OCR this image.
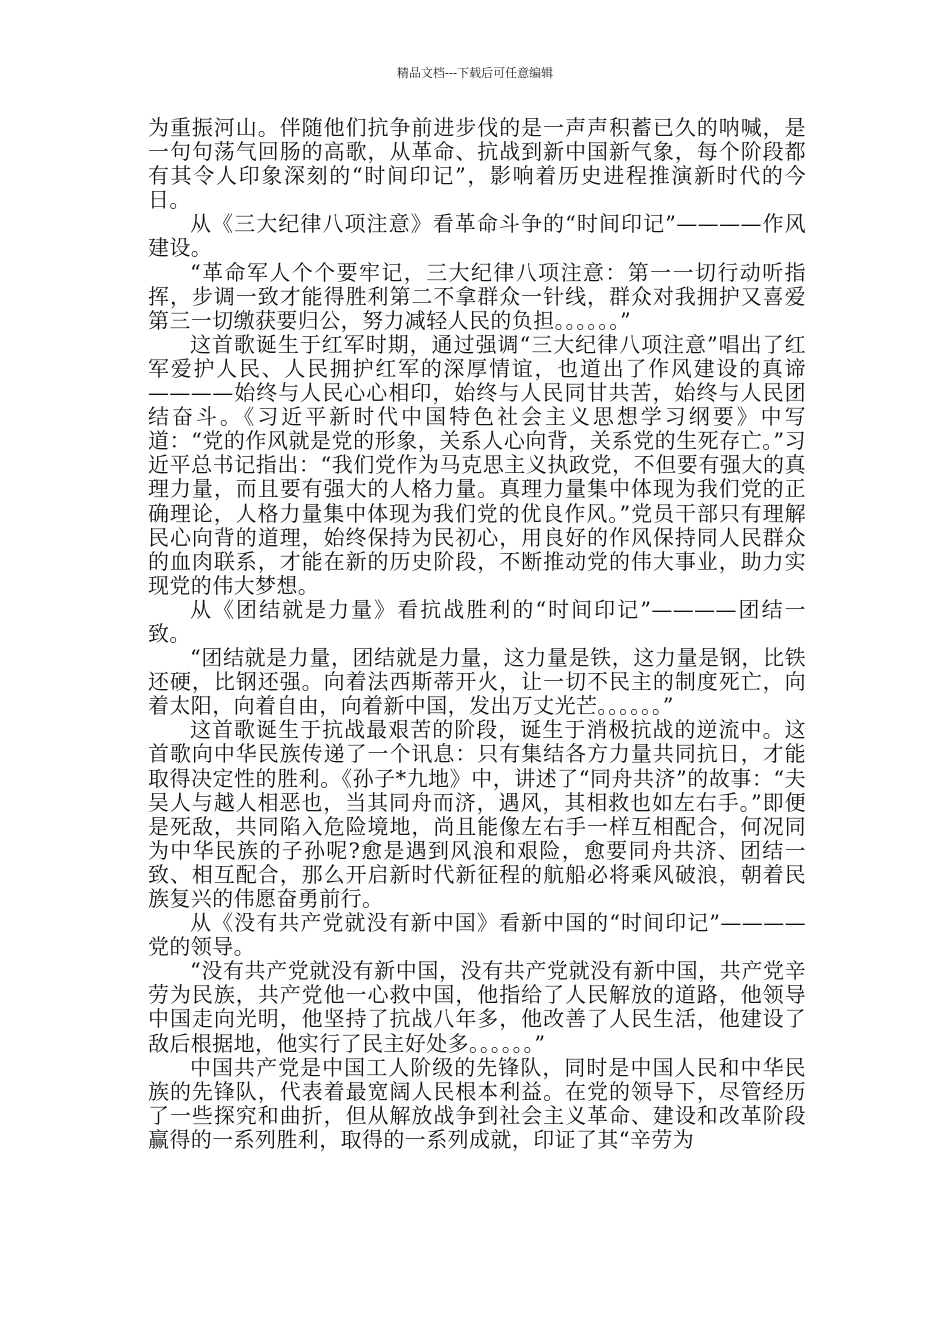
精品文档---下载后可任意编辑

为重振河山。伴随他们抗争前进步伐的是一声声积蓄已久的呐喊，是一句句荡气回肠的高歌，从革命、抗战到新中国新气象，每个阶段都有其令人印象深刻的“时间印记”，影响着历史进程推演新时代的今日。

从《三大纪律八项注意》看革命斗争的“时间印记”————作风建设。

“革命军人个个要牢记，三大纪律八项注意：第一一切行动听指挥，步调一致才能得胜利第二不拿群众一针线，群众对我拥护又喜爱第三一切缴获要归公，努力减轻人民的负担。。。。。。”

这首歌诞生于红军时期，通过强调“三大纪律八项注意”唱出了红军爱护人民、人民拥护红军的深厚情谊，也道出了作风建设的真谛————始终与人民心心相印，始终与人民同甘共苦，始终与人民团结奋斗。《习近平新时代中国特色社会主义思想学习纲要》中写道：“党的作风就是党的形象，关系人心向背，关系党的生死存亡。”习近平总书记指出：“我们党作为马克思主义执政党，不但要有强大的真理力量，而且要有强大的人格力量。真理力量集中体现为我们党的正确理论，人格力量集中体现为我们党的优良作风。”党员干部只有理解民心向背的道理，始终保持为民初心，用良好的作风保持同人民群众的血肉联系，才能在新的历史阶段，不断推动党的伟大事业，助力实现党的伟大梦想。

从《团结就是力量》看抗战胜利的“时间印记”————团结一致。

“团结就是力量，团结就是力量，这力量是铁，这力量是钢，比铁还硬，比钢还强。向着法西斯蒂开火，让一切不民主的制度死亡，向着太阳，向着自由，向着新中国，发出万丈光芒。。。。。。”

这首歌诞生于抗战最艰苦的阶段，诞生于消极抗战的逆流中。这首歌向中华民族传递了一个讯息：只有集结各方力量共同抗日，才能取得决定性的胜利。《孙子*九地》中，讲述了“同舟共济”的故事：“夫吴人与越人相恶也，当其同舟而济，遇风，其相救也如左右手。”即便是死敌，共同陷入危险境地，尚且能像左右手一样互相配合，何况同为中华民族的子孙呢?愈是遇到风浪和艰险，愈要同舟共济、团结一致、相互配合，那么开启新时代新征程的航船必将乘风破浪，朝着民族复兴的伟愿奋勇前行。

从《没有共产党就没有新中国》看新中国的“时间印记”————党的领导。

“没有共产党就没有新中国，没有共产党就没有新中国，共产党辛劳为民族，共产党他一心救中国，他指给了人民解放的道路，他领导中国走向光明，他坚持了抗战八年多，他改善了人民生活，他建设了敌后根据地，他实行了民主好处多。。。。。。”

中国共产党是中国工人阶级的先锋队，同时是中国人民和中华民族的先锋队，代表着最宽阔人民根本利益。在党的领导下，尽管经历了一些探究和曲折，但从解放战争到社会主义革命、建设和改革阶段赢得的一系列胜利，取得的一系列成就，印证了其“辛劳为
